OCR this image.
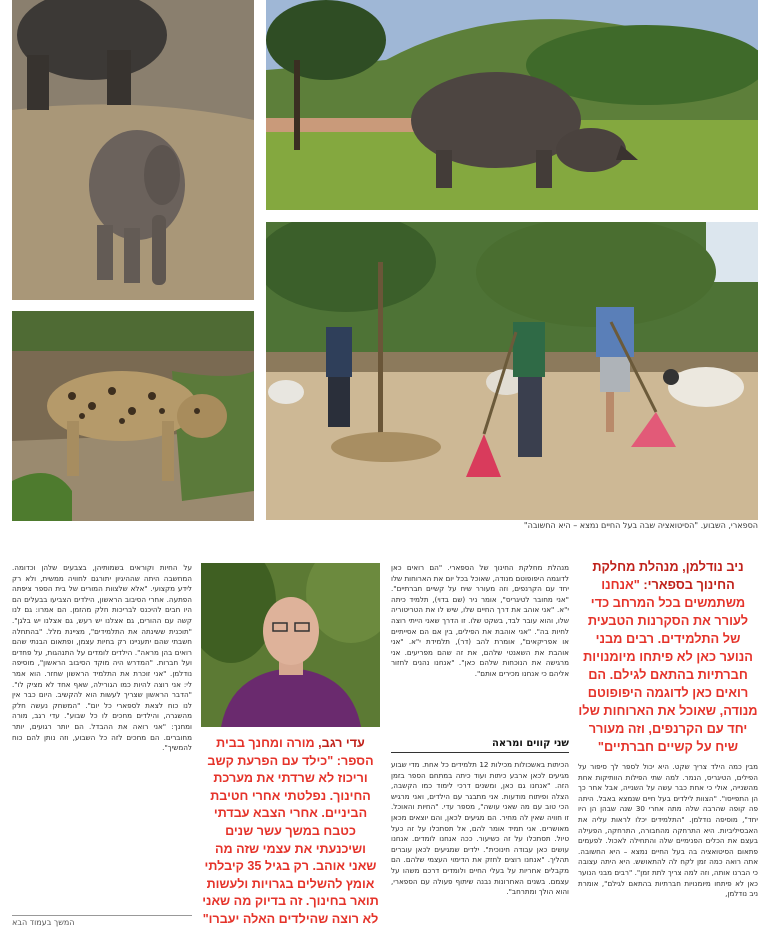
הספארי, השבוע. "הסיטואציה שבה בעל החיים נמצא – היא החשובה"
ניב נודלמן, מנהלת מחלקת החינוך בספארי: "אנחנו משתמשים בכל המרחב כדי לעורר את הסקרנות הטבעית של התלמידים. רבים מבני הנוער כאן לא פיתחו מיומנויות חברתיות בהתאם לגילם. הם רואים כאן לדוגמה היפופוטם מנודה, שאוכל את הארוחות שלו יחד עם הקרנפים, וזה מעורר שיח על קשיים חברתיים"

מבין כמה הילד צריך שקט. היא יכול לספר לך סיפור על הפילים, הטיגריס, הנמר. למה שתי הפילות הוותיקות אחת מהשנייה, אולי כי אחת כבר עשה על השנייה, אבל אחר כך הן התפייסו". "הצוות לילדים בעל חיים שנמצא באבל. היתה פה קופה שהרבה שלה מתה אחרי 30 שנה שבהן הן היו יחד", מוסיפה נודלמן. "התלמידים יכלו לראות עליה את האבסיליביות. היא התרחקה מהחבורה, התרחקה, הפעילה בעצם את הכלים הפנימיים שלה והתחילה לאכול. לפעמים פתאום הסיטואציה בה בעל החיים נמצא – היא החשובה. אתה רואה כמה זמן לקח לה להתאושש. היא היתה עצובה כי הברנו אותה, וזה למה צריך לתת זמן". "רבים מבני הנוער כאן לא פיתחו מיומנויות חברתיות בהתאם לגילם", אומרת ניב נודלמן,

מנהלת מחלקת החינוך של הספארי. "הם רואים כאן לדוגמה היפופוטם מנודה, שאוכל בכל יום את הארוחות שלו יחד עם הקרנפים, וזה מעורר שיח על קשיים חברתיים". "אני מחובר לטיגריס", אומר ניר (שם בדוי), תלמיד כיתה י"א. "אני אוהב את דרך החיים שלו, שיש לו את הטריטוריה שלו, והוא עובר לבד, בשקט שלו. זו הדרך שאני הייתי רוצה לחיות בה". "אני אוהבת את הפילים, בין אם הם אסייתיים או אפריקאים", אומרת להב (דר), תלמידת י"א. "אני אוהבת את השאנטי שלהם, את זה שהם מפריעים. אני מרגישה את הנוכחות שלהם כאן". "אנחנו נהנים לחזור אליהם כי אנחנו מכירים אותם".

שני קווים ומראה

הכיתות באשכולות מכילות 12 תלמידים כל אחת. מדי שבוע מגיעים לכאן ארבע כיתות ועוד כיתה במתחם הספר בזמן הזה. "אנחנו גם כאן, ומשנים דרכי לימוד כמו הקשבה, הצלה ופיתוח מודעות. אני מתבגר עם הילדים, ואני מרגיש הכי טוב עם מה שאני עושה", מספר עדי. "החיות והאוכל. זו חוויה שאין לה מחיר. הם מגיעים לכאן, והם יוצאים מכאן מאושרים. אני תמיד אומר להם, אל תסתכלו על זה כעל טיול. תסתכלו על זה כשיעור. ככה אנחנו לומדים. אנחנו עושים כאן עבודה חינוכית". ילדים שמגיעים לכאן עוברים תהליך. "אנחנו רוצים לחזק את הדימוי העצמי שלהם. הם מקבלים אחריות על בעלי החיים ולומדים דרכם משהו על עצמם. בשנים האחרונות נבנה שיתוף פעולה עם הספארי, והוא הולך ומתרחב".

עדי רגב, מורה ומחנך בבית הספר: "כילד עם הפרעת קשב וריכוז לא שרדתי את מערכת החינוך. נפלטתי אחרי חטיבת הביניים. אחרי הצבא עבדתי כטבח במשך עשר שנים ושיכנעתי את עצמי שזה מה שאני אוהב. רק בגיל 35 קיבלתי אומץ להשלים בגרויות ולעשות תואר בחינוך. זה בדיוק מה שאני לא רוצה שהילדים האלה יעברו"

על החיות וקוראים בשמותיהן, בצבעים שלהן וכדומה. המחשבה היתה שההיגיון יתורגם לחוויה ממשית, ולא רק לידע מקצועי. "אלא שלצוות המורים של בית הספר ציפתה הפתעה. אחרי הסיבוב הראשון, הילדים הצביעו בבעלים הם היו חבים להיכנס לבריכות חלק מהזמן. הם אמרו: גם לנו קשה עם ההורים, גם אצלנו יש רעש, גם אצלנו יש בלגן". "תוכנית ששינתה את התלמידים", מציינת מלל. "בהתחלה חשבתי שהם יתעניינו רק בחיות עצמן, ופתאום הבנתי שהם רואים בהן מראה". הילדים לומדים על התנהגות, על פחדים ועל חברות. "המדרש היה מוקד הסיבוב הראשון", מוסיפה נודלמן. "אני זוכרת את התלמיד הראשון שחזר. הוא אמר לי: אני רוצה להיות כמו הגורילה, שאף אחד לא מציק לו". "הדבר הראשון שצריך לעשות הוא להקשיב. היום כבר אין לנו כוח לצאת לספארי כל יום". "המשחק נעשה חלק מהשגרה, והילדים מחכים לו כל שבוע". עדי רגב, מורה ומחנך: "אני רואה את ההבדל. הם יותר רגועים, יותר מחוברים. הם מחכים לזה כל השבוע, וזה נותן להם כוח להמשיך".

המשך בעמוד הבא
